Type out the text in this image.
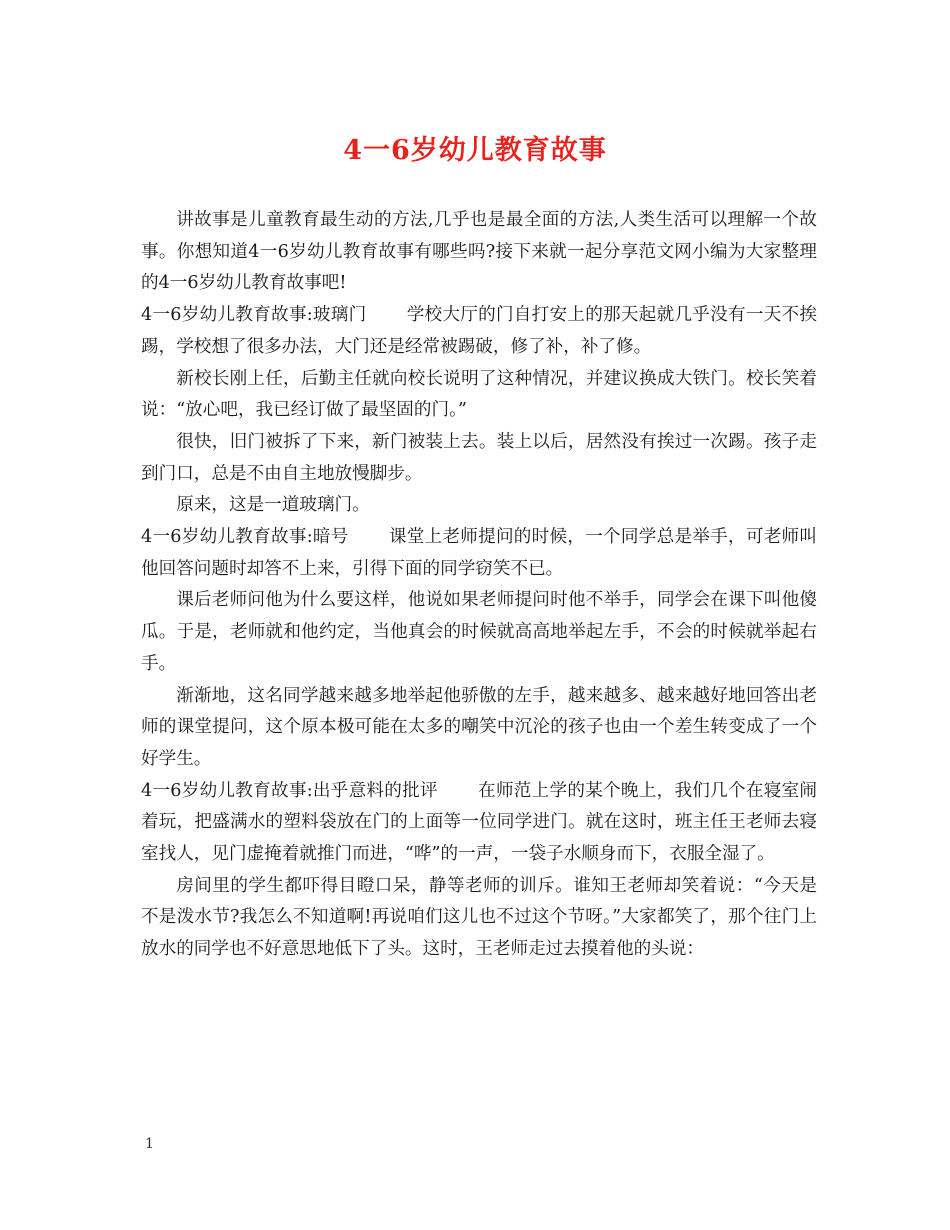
4一6岁幼儿教育故事

讲故事是儿童教育最生动的方法,几乎也是最全面的方法,人类生活可以理解一个故事。你想知道4一6岁幼儿教育故事有哪些吗?接下来就一起分享范文网小编为大家整理的4一6岁幼儿教育故事吧!

4一6岁幼儿教育故事:玻璃门 学校大厅的门自打安上的那天起就几乎没有一天不挨踢，学校想了很多办法，大门还是经常被踢破，修了补，补了修。

新校长刚上任，后勤主任就向校长说明了这种情况，并建议换成大铁门。校长笑着说：“放心吧，我已经订做了最坚固的门。”

很快，旧门被拆了下来，新门被装上去。装上以后，居然没有挨过一次踢。孩子走到门口，总是不由自主地放慢脚步。

原来，这是一道玻璃门。

4一6岁幼儿教育故事:暗号 课堂上老师提问的时候，一个同学总是举手，可老师叫他回答问题时却答不上来，引得下面的同学窃笑不已。

课后老师问他为什么要这样，他说如果老师提问时他不举手，同学会在课下叫他傻瓜。于是，老师就和他约定，当他真会的时候就高高地举起左手，不会的时候就举起右手。

渐渐地，这名同学越来越多地举起他骄傲的左手，越来越多、越来越好地回答出老师的课堂提问，这个原本极可能在太多的嘲笑中沉沦的孩子也由一个差生转变成了一个好学生。

4一6岁幼儿教育故事:出乎意料的批评 在师范上学的某个晚上，我们几个在寝室闹着玩，把盛满水的塑料袋放在门的上面等一位同学进门。就在这时，班主任王老师去寝室找人，见门虚掩着就推门而进，“哗”的一声，一袋子水顺身而下，衣服全湿了。

房间里的学生都吓得目瞪口呆，静等老师的训斥。谁知王老师却笑着说：“今天是不是泼水节?我怎么不知道啊!再说咱们这儿也不过这个节呀。”大家都笑了，那个往门上放水的同学也不好意思地低下了头。这时，王老师走过去摸着他的头说：

1
